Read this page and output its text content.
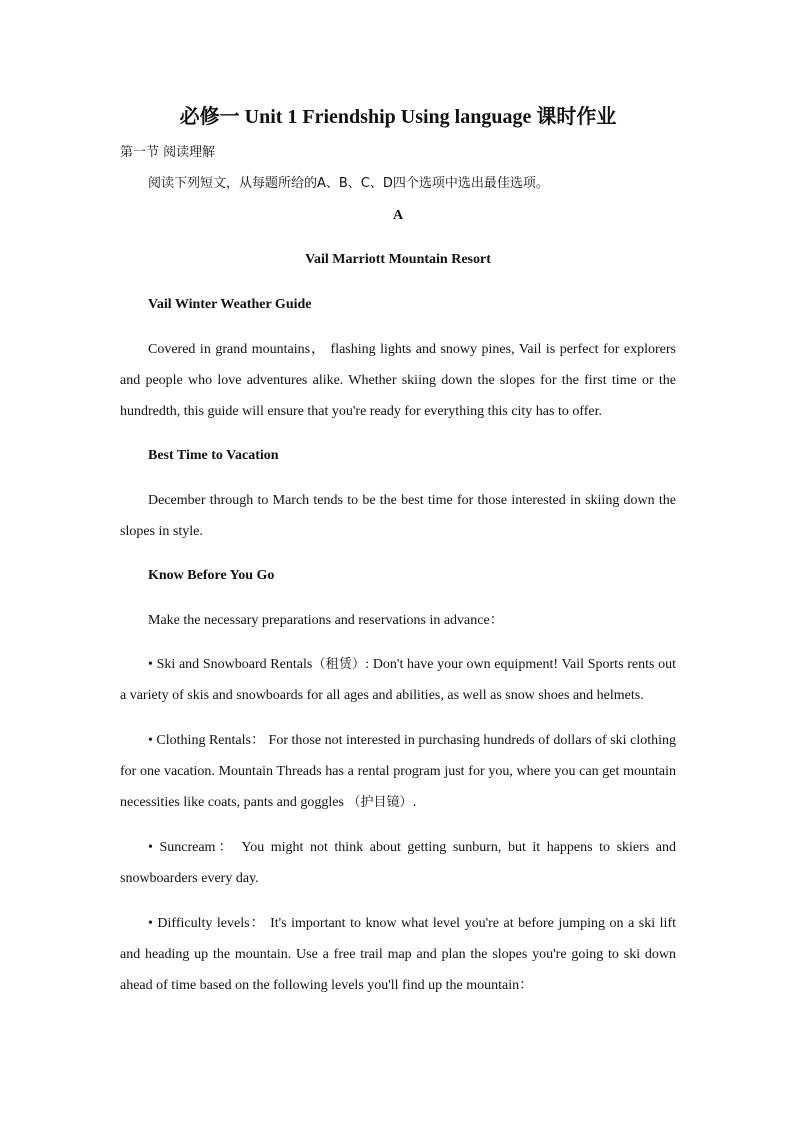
必修一 Unit 1 Friendship Using language 课时作业
第一节 阅读理解
阅读下列短文，从每题所给的A、B、C、D四个选项中选出最佳选项。
A
Vail Marriott Mountain Resort
Vail Winter Weather Guide
Covered in grand mountains， flashing lights and snowy pines, Vail is perfect for explorers and people who love adventures alike. Whether skiing down the slopes for the first time or the hundredth, this guide will ensure that you're ready for everything this city has to offer.
Best Time to Vacation
December through to March tends to be the best time for those interested in skiing down the slopes in style.
Know Before You Go
Make the necessary preparations and reservations in advance：
• Ski and Snowboard Rentals（租赁）: Don't have your own equipment! Vail Sports rents out a variety of skis and snowboards for all ages and abilities, as well as snow shoes and helmets.
• Clothing Rentals： For those not interested in purchasing hundreds of dollars of ski clothing for one vacation. Mountain Threads has a rental program just for you, where you can get mountain necessities like coats, pants and goggles （护目镜）.
• Suncream： You might not think about getting sunburn, but it happens to skiers and snowboarders every day.
• Difficulty levels： It's important to know what level you're at before jumping on a ski lift and heading up the mountain. Use a free trail map and plan the slopes you're going to ski down ahead of time based on the following levels you'll find up the mountain：
